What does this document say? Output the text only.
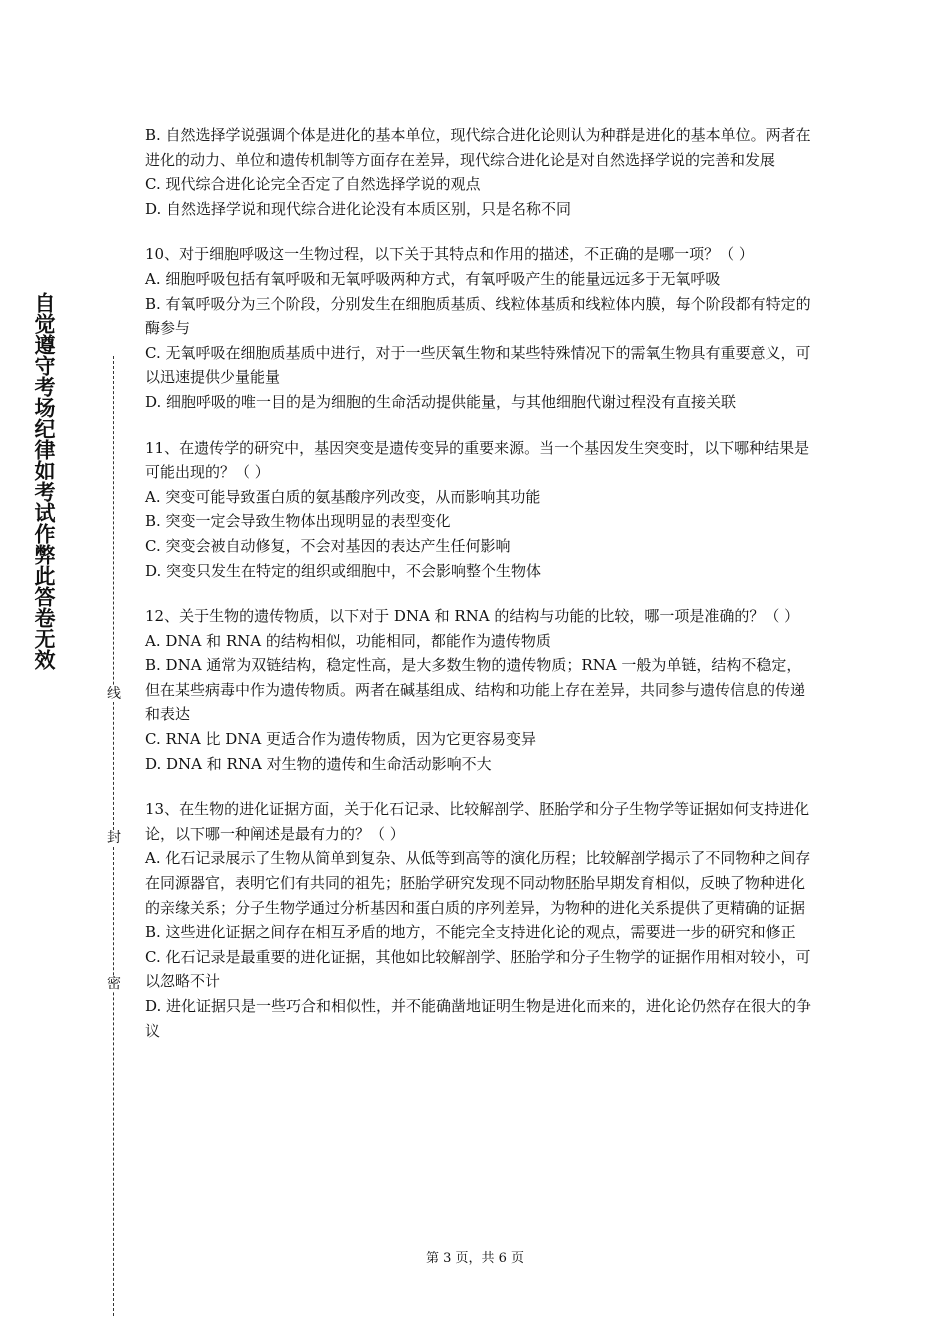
自觉遵守考场纪律如考试作弊此答卷无效
线
封
密
B. 自然选择学说强调个体是进化的基本单位，现代综合进化论则认为种群是进化的基本单位。两者在进化的动力、单位和遗传机制等方面存在差异，现代综合进化论是对自然选择学说的完善和发展
C. 现代综合进化论完全否定了自然选择学说的观点
D. 自然选择学说和现代综合进化论没有本质区别，只是名称不同
10、对于细胞呼吸这一生物过程，以下关于其特点和作用的描述，不正确的是哪一项？（ ）
A. 细胞呼吸包括有氧呼吸和无氧呼吸两种方式，有氧呼吸产生的能量远远多于无氧呼吸
B. 有氧呼吸分为三个阶段，分别发生在细胞质基质、线粒体基质和线粒体内膜，每个阶段都有特定的酶参与
C. 无氧呼吸在细胞质基质中进行，对于一些厌氧生物和某些特殊情况下的需氧生物具有重要意义，可以迅速提供少量能量
D. 细胞呼吸的唯一目的是为细胞的生命活动提供能量，与其他细胞代谢过程没有直接关联
11、在遗传学的研究中，基因突变是遗传变异的重要来源。当一个基因发生突变时，以下哪种结果是可能出现的？（ ）
A. 突变可能导致蛋白质的氨基酸序列改变，从而影响其功能
B. 突变一定会导致生物体出现明显的表型变化
C. 突变会被自动修复，不会对基因的表达产生任何影响
D. 突变只发生在特定的组织或细胞中，不会影响整个生物体
12、关于生物的遗传物质，以下对于 DNA 和 RNA 的结构与功能的比较，哪一项是准确的？（ ）
A. DNA 和 RNA 的结构相似，功能相同，都能作为遗传物质
B. DNA 通常为双链结构，稳定性高，是大多数生物的遗传物质；RNA 一般为单链，结构不稳定，但在某些病毒中作为遗传物质。两者在碱基组成、结构和功能上存在差异，共同参与遗传信息的传递和表达
C. RNA 比 DNA 更适合作为遗传物质，因为它更容易变异
D. DNA 和 RNA 对生物的遗传和生命活动影响不大
13、在生物的进化证据方面，关于化石记录、比较解剖学、胚胎学和分子生物学等证据如何支持进化论，以下哪一种阐述是最有力的？（ ）
A. 化石记录展示了生物从简单到复杂、从低等到高等的演化历程；比较解剖学揭示了不同物种之间存在同源器官，表明它们有共同的祖先；胚胎学研究发现不同动物胚胎早期发育相似，反映了物种进化的亲缘关系；分子生物学通过分析基因和蛋白质的序列差异，为物种的进化关系提供了更精确的证据
B. 这些进化证据之间存在相互矛盾的地方，不能完全支持进化论的观点，需要进一步的研究和修正
C. 化石记录是最重要的进化证据，其他如比较解剖学、胚胎学和分子生物学的证据作用相对较小，可以忽略不计
D. 进化证据只是一些巧合和相似性，并不能确凿地证明生物是进化而来的，进化论仍然存在很大的争议
第 3 页，共 6 页
